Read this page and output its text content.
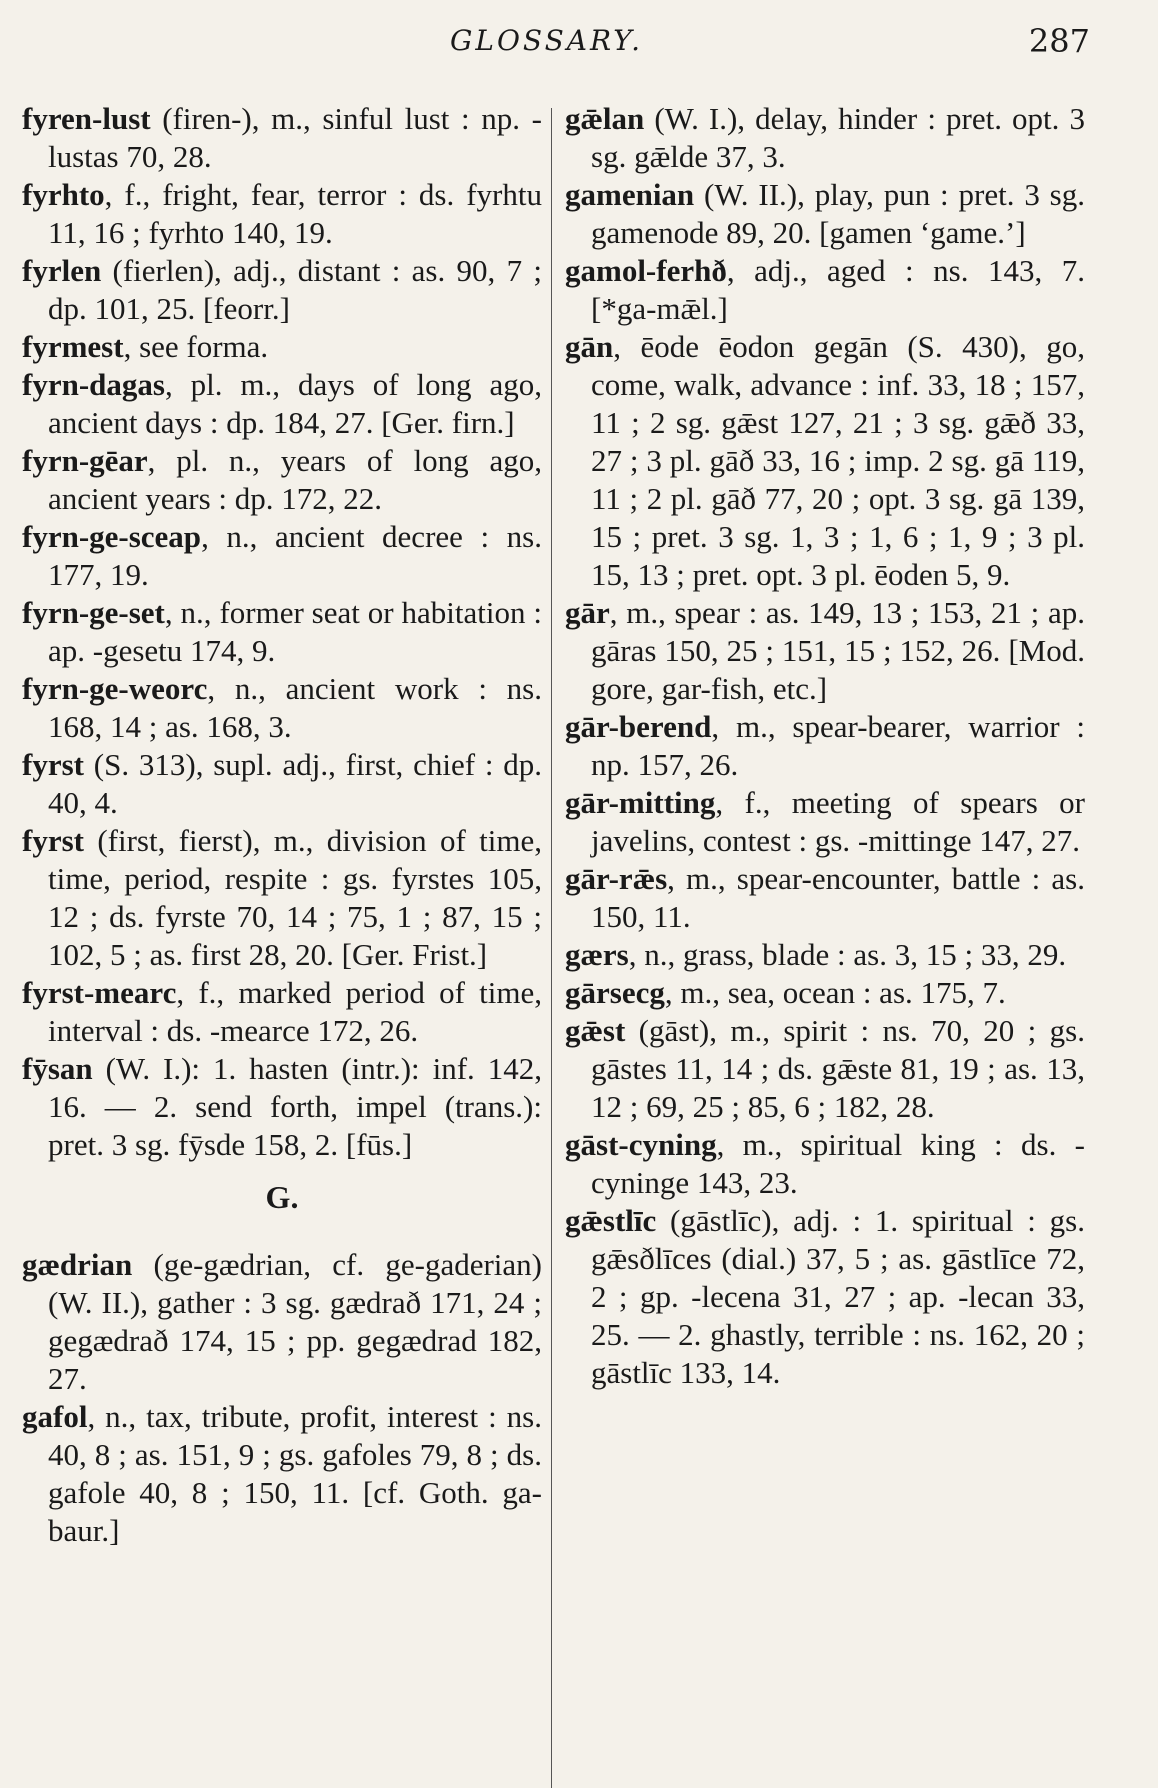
GLOSSARY.	287
fyren-lust (firen-), m., sinful lust : np. -lustas 70, 28.
fyrhto, f., fright, fear, terror : ds. fyrhtu 11, 16 ; fyrhto 140, 19.
fyrlen (fierlen), adj., distant : as. 90, 7 ; dp. 101, 25. [feorr.]
fyrmest, see forma.
fyrn-dagas, pl. m., days of long ago, ancient days : dp. 184, 27. [Ger. firn.]
fyrn-gēar, pl. n., years of long ago, ancient years : dp. 172, 22.
fyrn-ge-sceap, n., ancient decree : ns. 177, 19.
fyrn-ge-set, n., former seat or habitation : ap. -gesetu 174, 9.
fyrn-ge-weorc, n., ancient work : ns. 168, 14 ; as. 168, 3.
fyrst (S. 313), supl. adj., first, chief : dp. 40, 4.
fyrst (first, fierst), m., division of time, time, period, respite : gs. fyrstes 105, 12 ; ds. fyrste 70, 14 ; 75, 1 ; 87, 15 ; 102, 5 ; as. first 28, 20. [Ger. Frist.]
fyrst-mearc, f., marked period of time, interval : ds. -mearce 172, 26.
fȳsan (W. I.): 1. hasten (intr.): inf. 142, 16. — 2. send forth, impel (trans.): pret. 3 sg. fȳsde 158, 2. [fūs.]
G.
gædrian (ge-gædrian, cf. ge-gaderian) (W. II.), gather : 3 sg. gædrað 171, 24 ; gegædrað 174, 15 ; pp. gegædrad 182, 27.
gafol, n., tax, tribute, profit, interest : ns. 40, 8 ; as. 151, 9 ; gs. gafoles 79, 8 ; ds. gafole 40, 8 ; 150, 11. [cf. Goth. ga-baur.]
gǣlan (W. I.), delay, hinder : pret. opt. 3 sg. gǣlde 37, 3.
gamenian (W. II.), play, pun : pret. 3 sg. gamenode 89, 20. [gamen ‘game.’]
gamol-ferhð, adj., aged : ns. 143, 7. [*ga-mǣl.]
gān, ēode ēodon gegān (S. 430), go, come, walk, advance : inf. 33, 18 ; 157, 11 ; 2 sg. gǣst 127, 21 ; 3 sg. gǣð 33, 27 ; 3 pl. gāð 33, 16 ; imp. 2 sg. gā 119, 11 ; 2 pl. gāð 77, 20 ; opt. 3 sg. gā 139, 15 ; pret. 3 sg. 1, 3 ; 1, 6 ; 1, 9 ; 3 pl. 15, 13 ; pret. opt. 3 pl. ēoden 5, 9.
gār, m., spear : as. 149, 13 ; 153, 21 ; ap. gāras 150, 25 ; 151, 15 ; 152, 26. [Mod. gore, gar-fish, etc.]
gār-berend, m., spear-bearer, warrior : np. 157, 26.
gār-mitting, f., meeting of spears or javelins, contest : gs. -mittinge 147, 27.
gār-rǣs, m., spear-encounter, battle : as. 150, 11.
gærs, n., grass, blade : as. 3, 15 ; 33, 29.
gārsecg, m., sea, ocean : as. 175, 7.
gǣst (gāst), m., spirit : ns. 70, 20 ; gs. gāstes 11, 14 ; ds. gǣste 81, 19 ; as. 13, 12 ; 69, 25 ; 85, 6 ; 182, 28.
gāst-cyning, m., spiritual king : ds. -cyninge 143, 23.
gǣstlīc (gāstlīc), adj. : 1. spiritual : gs. gǣsðlīces (dial.) 37, 5 ; as. gāstlīce 72, 2 ; gp. -lecena 31, 27 ; ap. -lecan 33, 25. — 2. ghastly, terrible : ns. 162, 20 ; gāstlīc 133, 14.
